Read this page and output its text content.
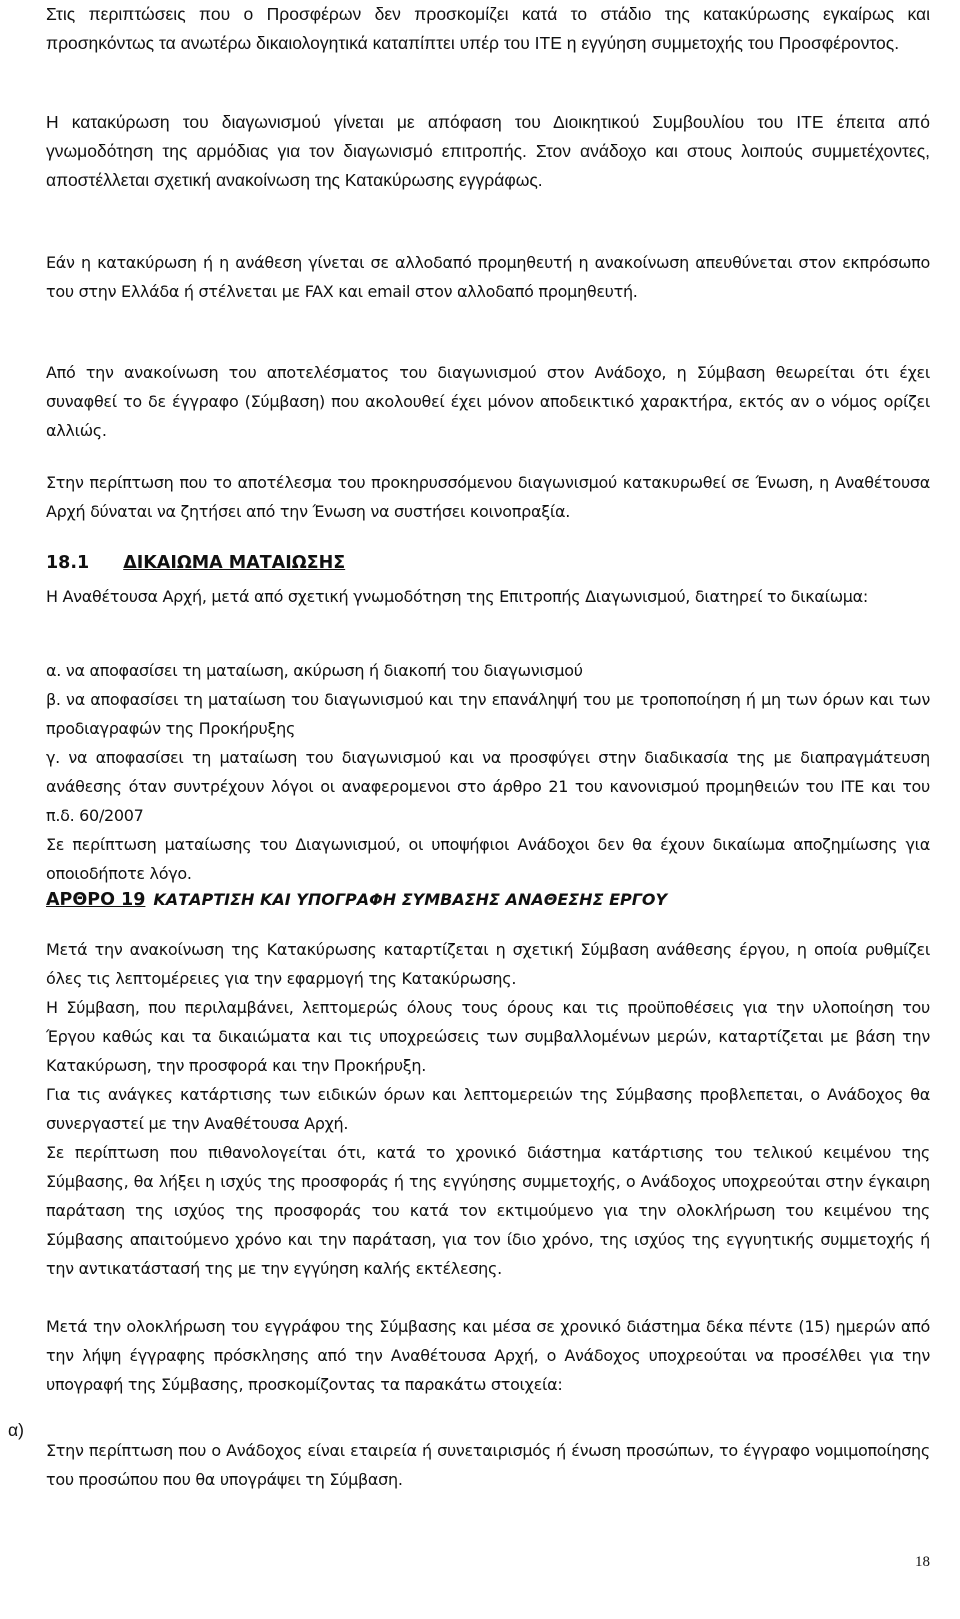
Στις περιπτώσεις που ο Προσφέρων δεν προσκομίζει κατά το στάδιο της κατακύρωσης εγκαίρως και προσηκόντως τα ανωτέρω δικαιολογητικά καταπίπτει υπέρ του ΙΤΕ η εγγύηση συμμετοχής του Προσφέροντος.

Η κατακύρωση του διαγωνισμού γίνεται με απόφαση του Διοικητικού Συμβουλίου του ΙΤΕ έπειτα από γνωμοδότηση της αρμόδιας για τον διαγωνισμό επιτροπής. Στον ανάδοχο και στους λοιπούς συμμετέχοντες, αποστέλλεται σχετική ανακοίνωση της Κατακύρωσης εγγράφως.

Εάν η κατακύρωση ή η ανάθεση γίνεται σε αλλοδαπό προμηθευτή η ανακοίνωση απευθύνεται στον εκπρόσωπο του στην Ελλάδα ή στέλνεται με FAX και email στον αλλοδαπό προμηθευτή.

Από την ανακοίνωση του αποτελέσματος του διαγωνισμού στον Ανάδοχο, η Σύμβαση θεωρείται ότι έχει συναφθεί το δε έγγραφο (Σύμβαση) που ακολουθεί έχει μόνον αποδεικτικό χαρακτήρα, εκτός αν ο νόμος ορίζει αλλιώς.

Στην περίπτωση που το αποτέλεσμα του προκηρυσσόμενου διαγωνισμού κατακυρωθεί σε Ένωση, η Αναθέτουσα Αρχή δύναται να ζητήσει από την Ένωση να συστήσει κοινοπραξία.

18.1 ΔΙΚΑΙΩΜΑ ΜΑΤΑΙΩΣΗΣ

Η Αναθέτουσα Αρχή, μετά από σχετική γνωμοδότηση της Επιτροπής Διαγωνισμού, διατηρεί το δικαίωμα:

α. να αποφασίσει τη ματαίωση, ακύρωση ή διακοπή του διαγωνισμού

β. να αποφασίσει τη ματαίωση του διαγωνισμού και την επανάληψή του με τροποποίηση ή μη των όρων και των προδιαγραφών της Προκήρυξης

γ. να αποφασίσει τη ματαίωση του διαγωνισμού και να προσφύγει στην διαδικασία της με διαπραγμάτευση ανάθεσης όταν συντρέχουν λόγοι οι αναφερομενοι στο άρθρο 21 του κανονισμού προμηθειών του ΙΤΕ και του π.δ. 60/2007

Σε περίπτωση ματαίωσης του Διαγωνισμού, οι υποψήφιοι Ανάδοχοι δεν θα έχουν δικαίωμα αποζημίωσης για οποιοδήποτε λόγο.

ΑΡΘΡΟ 19 ΚΑΤΑΡΤΙΣΗ ΚΑΙ ΥΠΟΓΡΑΦΗ ΣΥΜΒΑΣΗΣ ΑΝΑΘΕΣΗΣ ΕΡΓΟΥ

Μετά την ανακοίνωση της Κατακύρωσης καταρτίζεται η σχετική Σύμβαση ανάθεσης έργου, η οποία ρυθμίζει όλες τις λεπτομέρειες για την εφαρμογή της Κατακύρωσης.

Η Σύμβαση, που περιλαμβάνει, λεπτομερώς όλους τους όρους και τις προϋποθέσεις για την υλοποίηση του Έργου καθώς και τα δικαιώματα και τις υποχρεώσεις των συμβαλλομένων μερών, καταρτίζεται με βάση την Κατακύρωση, την προσφορά και την Προκήρυξη.

Για τις ανάγκες κατάρτισης των ειδικών όρων και λεπτομερειών της Σύμβασης προβλεπεται, ο Ανάδοχος θα συνεργαστεί με την Αναθέτουσα Αρχή.

Σε περίπτωση που πιθανολογείται ότι, κατά το χρονικό διάστημα κατάρτισης του τελικού κειμένου της Σύμβασης, θα λήξει η ισχύς της προσφοράς ή της εγγύησης συμμετοχής, ο Ανάδοχος υποχρεούται στην έγκαιρη παράταση της ισχύος της προσφοράς του κατά τον εκτιμούμενο για την ολοκλήρωση του κειμένου της Σύμβασης απαιτούμενο χρόνο και την παράταση, για τον ίδιο χρόνο, της ισχύος της εγγυητικής συμμετοχής ή την αντικατάστασή της με την εγγύηση καλής εκτέλεσης.

Μετά την ολοκλήρωση του εγγράφου της Σύμβασης και μέσα σε χρονικό διάστημα δέκα πέντε (15) ημερών από την λήψη έγγραφης πρόσκλησης από την Αναθέτουσα Αρχή, ο Ανάδοχος υποχρεούται να προσέλθει για την υπογραφή της Σύμβασης, προσκομίζοντας τα παρακάτω στοιχεία:

α)

Στην περίπτωση που ο Ανάδοχος είναι εταιρεία ή συνεταιρισμός ή ένωση προσώπων, το έγγραφο νομιμοποίησης του προσώπου που θα υπογράψει τη Σύμβαση.

18
